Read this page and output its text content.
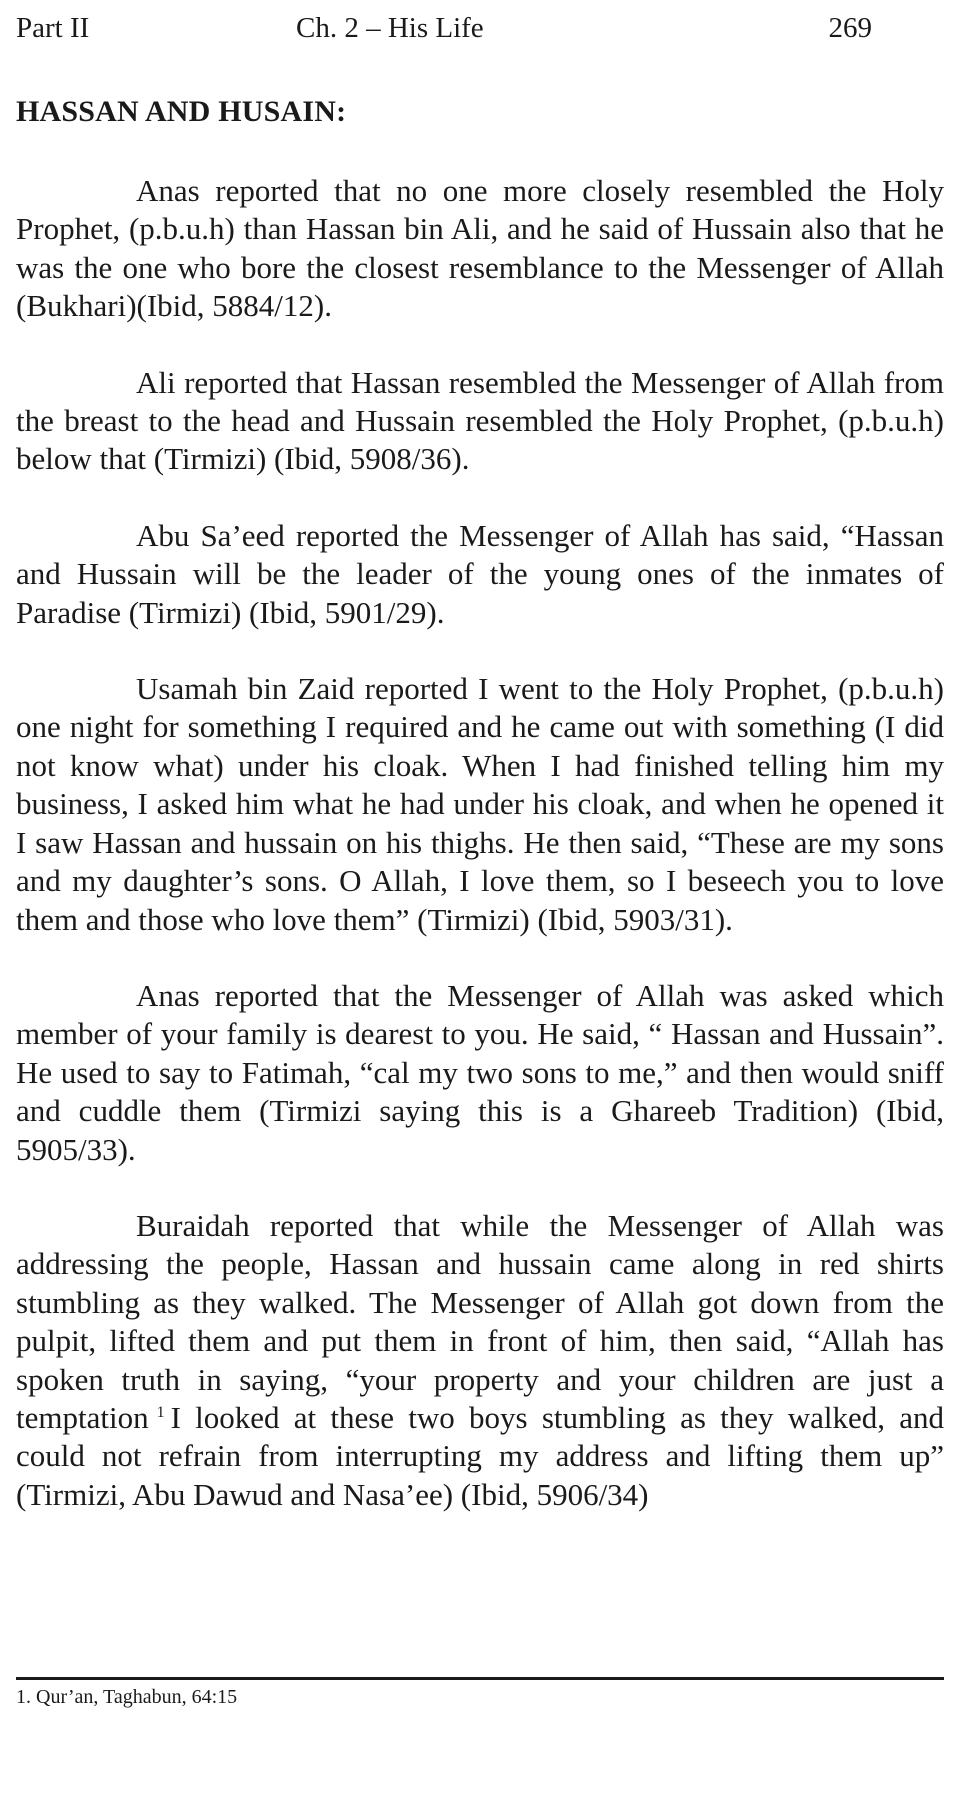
Part II	Ch. 2 – His Life	269
HASSAN AND HUSAIN:

Anas reported that no one more closely resembled the Holy Prophet, (p.b.u.h) than Hassan bin Ali, and he said of Hussain also that he was the one who bore the closest resemblance to the Messenger of Allah (Bukhari)(Ibid, 5884/12).

Ali reported that Hassan resembled the Messenger of Allah from the breast to the head and Hussain resembled the Holy Prophet, (p.b.u.h) below that (Tirmizi) (Ibid, 5908/36).

Abu Sa’eed reported the Messenger of Allah has said, “Hassan and Hussain will be the leader of the young ones of the inmates of Paradise (Tirmizi) (Ibid, 5901/29).

Usamah bin Zaid reported I went to the Holy Prophet, (p.b.u.h) one night for something I required and he came out with something (I did not know what) under his cloak. When I had finished telling him my business, I asked him what he had under his cloak, and when he opened it I saw Hassan and hussain on his thighs. He then said, “These are my sons and my daughter’s sons. O Allah, I love them, so I beseech you to love them and those who love them” (Tirmizi) (Ibid, 5903/31).

Anas reported that the Messenger of Allah was asked which member of your family is dearest to you. He said, “ Hassan and Hussain”. He used to say to Fatimah, “cal my two sons to me,” and then would sniff and cuddle them (Tirmizi saying this is a Ghareeb Tradition) (Ibid, 5905/33).

Buraidah reported that while the Messenger of Allah was addressing the people, Hassan and hussain came along in red shirts stumbling as they walked. The Messenger of Allah got down from the pulpit, lifted them and put them in front of him, then said, “Allah has spoken truth in saying, “your property and your children are just a temptation $^1$ I looked at these two boys stumbling as they walked, and could not refrain from interrupting my address and lifting them up” (Tirmizi, Abu Dawud and Nasa’ee) (Ibid, 5906/34)

1. Qur’an, Taghabun, 64:15
